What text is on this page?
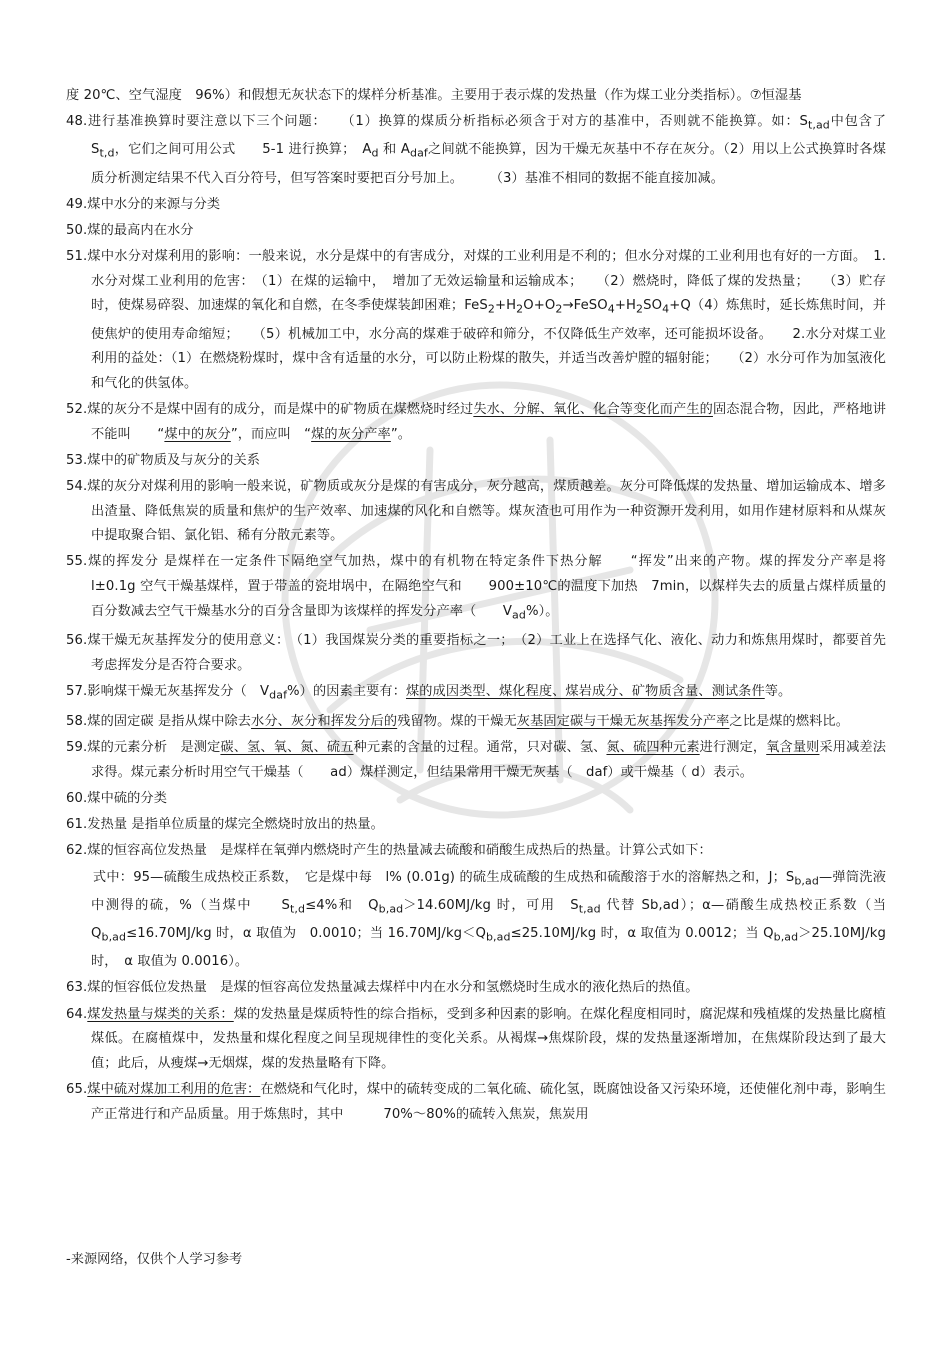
度 20℃、空气湿度　96%）和假想无灰状态下的煤样分析基准。主要用于表示煤的发热量（作为煤工业分类指标）。⑦恒湿基
48.进行基准换算时要注意以下三个问题：　　（1）换算的煤质分析指标必须含于对方的基准中，否则就不能换算。如：$S_{t,ad}$中包含了　$S_{t,d}$，它们之间可用公式　　5-1 进行换算；　$A_d$ 和 $A_{daf}$之间就不能换算，因为干燥无灰基中不存在灰分。（2）用以上公式换算时各煤质分析测定结果不代入百分符号，但写答案时要把百分号加上。　　　（3）基准不相同的数据不能直接加减。
49.煤中水分的来源与分类
50.煤的最高内在水分
51.煤中水分对煤利用的影响：一般来说，水分是煤中的有害成分，对煤的工业利用是不利的；但水分对煤的工业利用也有好的一方面。　1.水分对煤工业利用的危害：　（1）在煤的运输中，　增加了无效运输量和运输成本；　　（2）燃烧时，降低了煤的发热量；　　（3）贮存时，使煤易碎裂、加速煤的氧化和自燃，在冬季使煤装卸困难；$FeS_2+H_2O+O_2\to FeSO_4+H_2SO_4+Q(4)$炼焦时，延长炼焦时间，并使焦炉的使用寿命缩短；　　（5）机械加工中，水分高的煤难于破碎和筛分，不仅降低生产效率，还可能损坏设备。　　2.水分对煤工业利用的益处：（1）在燃烧粉煤时，煤中含有适量的水分，可以防止粉煤的散失，并适当改善炉膛的辐射能；　　（2）水分可作为加氢液化和气化的供氢体。
52.煤的灰分不是煤中固有的成分，而是煤中的矿物质在煤燃烧时经过失水、分解、氧化、化合等变化而产生的固态混合物，因此，严格地讲不能叫　　“煤中的灰分”，而应叫　“煤的灰分产率”。
53.煤中的矿物质及与灰分的关系
54.煤的灰分对煤利用的影响一般来说，矿物质或灰分是煤的有害成分，灰分越高，煤质越差。灰分可降低煤的发热量、增加运输成本、增多出渣量、降低焦炭的质量和焦炉的生产效率、加速煤的风化和自燃等。煤灰渣也可用作为一种资源开发利用，如用作建材原料和从煤灰中提取聚合铝、氯化铝、稀有分散元素等。
55.煤的挥发分 是煤样在一定条件下隔绝空气加热，煤中的有机物在特定条件下热分解　　“挥发”出来的产物。煤的挥发分产率是将　l±0.1g 空气干燥基煤样，置于带盖的瓷坩埚中，在隔绝空气和　　900±10℃的温度下加热　7min，以煤样失去的质量占煤样质量的百分数减去空气干燥基水分的百分含量即为该煤样的挥发分产率（　　$V_{ad}\%$）。
56.煤干燥无灰基挥发分的使用意义：　（1）我国煤炭分类的重要指标之一；　（2）工业上在选择气化、液化、动力和炼焦用煤时，都要首先考虑挥发分是否符合要求。
57.影响煤干燥无灰基挥发分（　$V_{daf}\%$）的因素主要有：煤的成因类型、煤化程度、煤岩成分、矿物质含量、测试条件等。
58.煤的固定碳 是指从煤中除去水分、灰分和挥发分后的残留物。煤的干燥无灰基固定碳与干燥无灰基挥发分产率之比是煤的燃料比。
59.煤的元素分析　是测定碳、氢、氧、氮、硫五种元素的含量的过程。通常，只对碳、氢、氮、硫四种元素进行测定，氧含量则采用减差法求得。煤元素分析时用空气干燥基（　　ad）煤样测定，但结果常用干燥无灰基（　daf）或干燥基（ d）表示。
60.煤中硫的分类
61.发热量 是指单位质量的煤完全燃烧时放出的热量。
62.煤的恒容高位发热量　是煤样在氧弹内燃烧时产生的热量减去硫酸和硝酸生成热后的热量。计算公式如下：
　　式中：95—硫酸生成热校正系数，　它是煤中每　l% (0.01g) 的硫生成硫酸的生成热和硫酸溶于水的溶解热之和，J；$S_{b,ad}—$弹筒洗液中测得的硫，%（当煤中　　$S_{t,d}\le 4\%$和　$Q_{b,ad}>14.60MJ/kg$ 时，可用　$S_{t,ad}$ 代替 Sb,ad）；α—硝酸生成热校正系数（当　　$Q_{b,ad}\le 16.70MJ/kg$ 时，α 取值为　0.0010；当 $16.70MJ/kg<Q_{b,ad}\le 25.10MJ/kg$ 时，α 取值为 0.0012；当 $Q_{b,ad}>25.10MJ/kg$ 时，　α 取值为 0.0016）。
63.煤的恒容低位发热量　是煤的恒容高位发热量减去煤样中内在水分和氢燃烧时生成水的液化热后的热值。
64.煤发热量与煤类的关系：煤的发热量是煤质特性的综合指标，受到多种因素的影响。在煤化程度相同时，腐泥煤和残植煤的发热量比腐植煤低。在腐植煤中，发热量和煤化程度之间呈现规律性的变化关系。从褐煤→焦煤阶段，煤的发热量逐渐增加，在焦煤阶段达到了最大值；此后，从瘦煤→无烟煤，煤的发热量略有下降。
65.煤中硫对煤加工利用的危害：在燃烧和气化时，煤中的硫转变成的二氧化硫、硫化氢，既腐蚀设备又污染环境，还使催化剂中毒，影响生产正常进行和产品质量。用于炼焦时，其中　　　70%～80%的硫转入焦炭，焦炭用
-来源网络，仅供个人学习参考
